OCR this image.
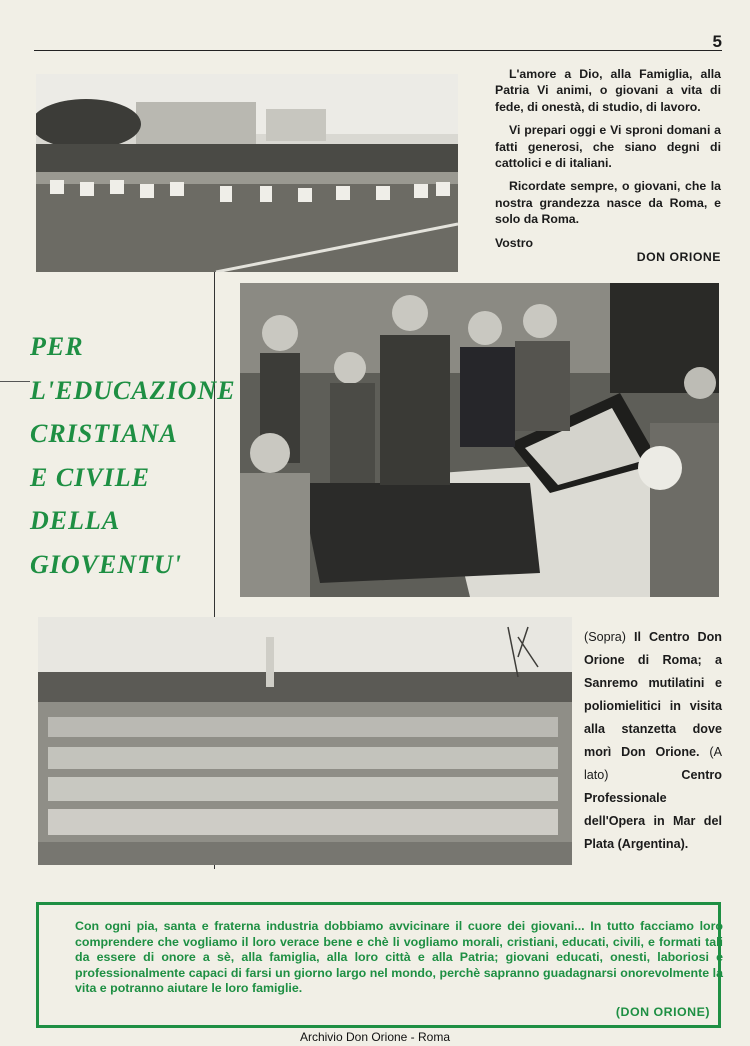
5

L'amore a Dio, alla Famiglia, alla Patria Vi animi, o giovani a vita di fede, di onestà, di studio, di lavoro.

Vi prepari oggi e Vi sproni domani a fatti generosi, che siano degni di cattolici e di italiani.

Ricordate sempre, o giovani, che la nostra grandezza nasce da Roma, e solo da Roma.

Vostro

DON ORIONE
PER
L'EDUCAZIONE
CRISTIANA
E CIVILE
DELLA
GIOVENTU'
(Sopra) Il Centro Don Orione di Roma; a Sanremo mutilatini e poliomielitici in visita alla stanzetta dove morì Don Orione. (A lato)	Centro Professionale dell'Opera in Mar del Plata (Argentina).
Con ogni pia, santa e fraterna industria dobbiamo avvicinare il cuore dei giovani... In tutto facciamo loro comprendere che vogliamo il loro verace bene e chè li vogliamo morali, cristiani, educati, civili, e formati tali da essere di onore a sè, alla famiglia, alla loro città e alla Patria; giovani educati, onesti, laboriosi e professionalmente capaci di farsi un giorno largo nel mondo, perchè sapranno guadagnarsi onorevolmente la vita e potranno aiutare le loro famiglie.
(DON ORIONE)
Archivio Don Orione - Roma
